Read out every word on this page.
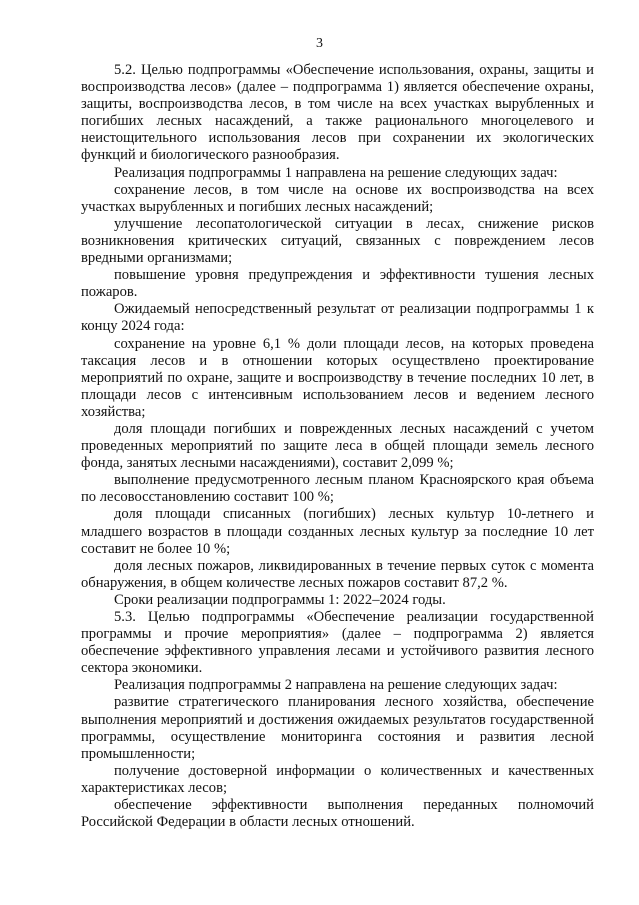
3

5.2. Целью подпрограммы «Обеспечение использования, охраны, защиты и воспроизводства лесов» (далее – подпрограмма 1) является обеспечение охраны, защиты, воспроизводства лесов, в том числе на всех участках вырубленных и погибших лесных насаждений, а также рационального многоцелевого и неистощительного использования лесов при сохранении их экологических функций и биологического разнообразия.

Реализация подпрограммы 1 направлена на решение следующих задач:

сохранение лесов, в том числе на основе их воспроизводства на всех участках вырубленных и погибших лесных насаждений;

улучшение лесопатологической ситуации в лесах, снижение рисков возникновения критических ситуаций, связанных с повреждением лесов вредными организмами;

повышение уровня предупреждения и эффективности тушения лесных пожаров.

Ожидаемый непосредственный результат от реализации подпрограммы 1 к концу 2024 года:

сохранение на уровне 6,1 % доли площади лесов, на которых проведена таксация лесов и в отношении которых осуществлено проектирование мероприятий по охране, защите и воспроизводству в течение последних 10 лет, в площади лесов с интенсивным использованием лесов и ведением лесного хозяйства;

доля площади погибших и поврежденных лесных насаждений с учетом проведенных мероприятий по защите леса в общей площади земель лесного фонда, занятых лесными насаждениями), составит 2,099 %;

выполнение предусмотренного лесным планом Красноярского края объема по лесовосстановлению составит 100 %;

доля площади списанных (погибших) лесных культур 10-летнего и младшего возрастов в площади созданных лесных культур за последние 10 лет составит не более 10 %;

доля лесных пожаров, ликвидированных в течение первых суток с момента обнаружения, в общем количестве лесных пожаров составит 87,2 %.

Сроки реализации подпрограммы 1: 2022–2024 годы.

5.3. Целью подпрограммы «Обеспечение реализации государственной программы и прочие мероприятия» (далее – подпрограмма 2) является обеспечение эффективного управления лесами и устойчивого развития лесного сектора экономики.

Реализация подпрограммы 2 направлена на решение следующих задач:

развитие стратегического планирования лесного хозяйства, обеспечение выполнения мероприятий и достижения ожидаемых результатов государственной программы, осуществление мониторинга состояния и развития лесной промышленности;

получение достоверной информации о количественных и качественных характеристиках лесов;

обеспечение эффективности выполнения переданных полномочий Российской Федерации в области лесных отношений.
